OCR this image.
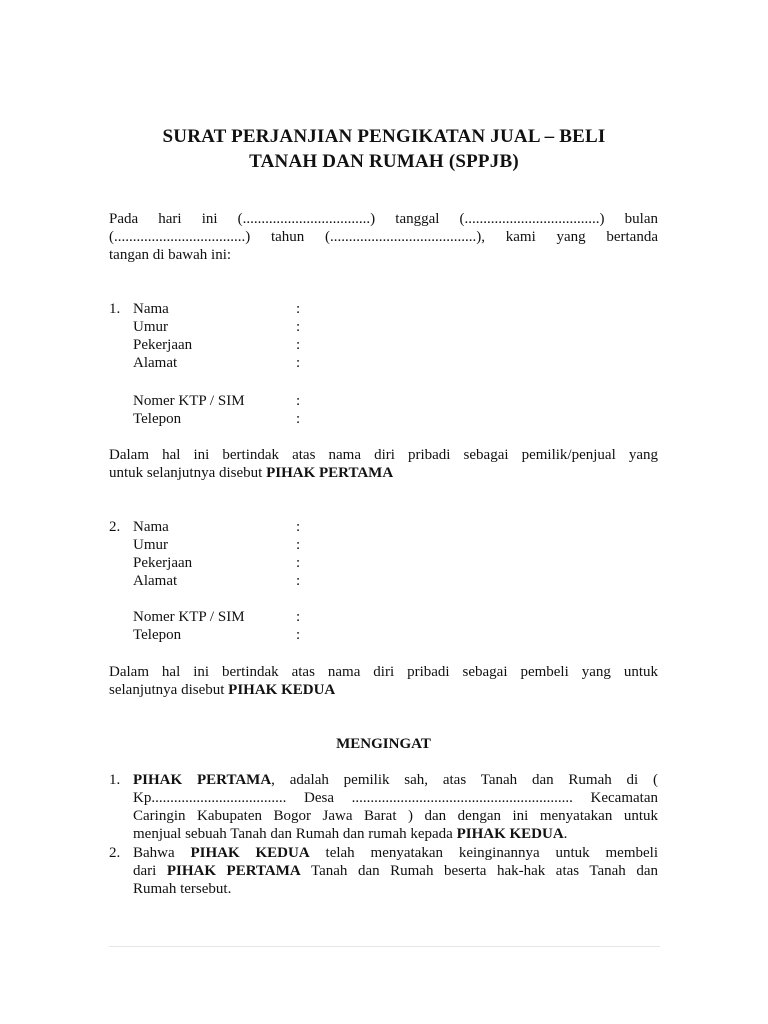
SURAT PERJANJIAN PENGIKATAN JUAL – BELI
TANAH DAN RUMAH (SPPJB)
Pada hari ini (..................................) tanggal (....................................) bulan
(...................................) tahun (.......................................), kami yang bertanda
tangan di bawah ini:
1. Nama	:
Umur	:
Pekerjaan	:
Alamat	:
Nomer KTP / SIM	:
Telepon	:
Dalam hal ini bertindak atas nama diri pribadi sebagai pemilik/penjual yang
untuk selanjutnya disebut PIHAK PERTAMA
2. Nama	:
Umur	:
Pekerjaan	:
Alamat	:
Nomer KTP / SIM	:
Telepon	:
Dalam hal ini bertindak atas nama diri pribadi sebagai pembeli yang untuk
selanjutnya disebut PIHAK KEDUA
MENGINGAT
1. PIHAK PERTAMA, adalah pemilik sah, atas Tanah dan Rumah di (
Kp.................................... Desa ........................................................... Kecamatan
Caringin Kabupaten Bogor Jawa Barat ) dan dengan ini menyatakan untuk
menjual sebuah Tanah dan Rumah dan rumah kepada PIHAK KEDUA.
2. Bahwa PIHAK KEDUA telah menyatakan keinginannya untuk membeli
dari PIHAK PERTAMA Tanah dan Rumah beserta hak-hak atas Tanah dan
Rumah tersebut.
